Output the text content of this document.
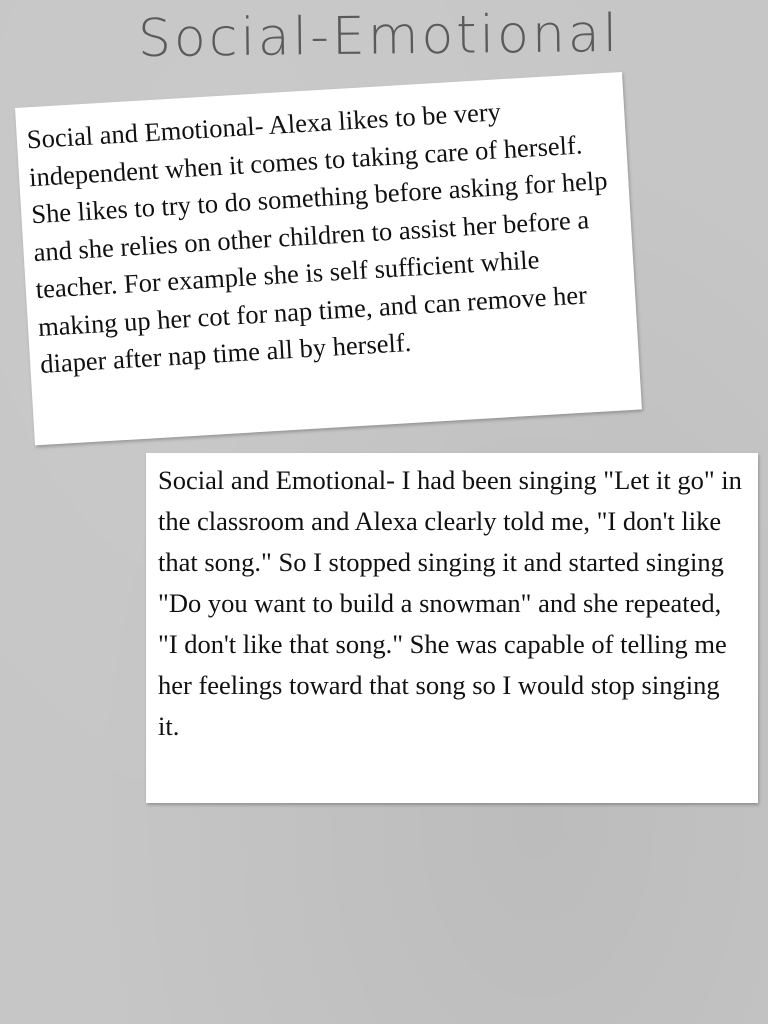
Social-Emotional

Social and Emotional- Alexa likes to be very independent when it comes to taking care of herself. She likes to try to do something before asking for help and she relies on other children to assist her before a teacher. For example she is self sufficient while making up her cot for nap time, and can remove her diaper after nap time all by herself.

Social and Emotional- I had been singing "Let it go" in the classroom and Alexa clearly told me, "I don't like that song." So I stopped singing it and started singing "Do you want to build a snowman" and she repeated, "I don't like that song." She was capable of telling me her feelings toward that song so I would stop singing it.
